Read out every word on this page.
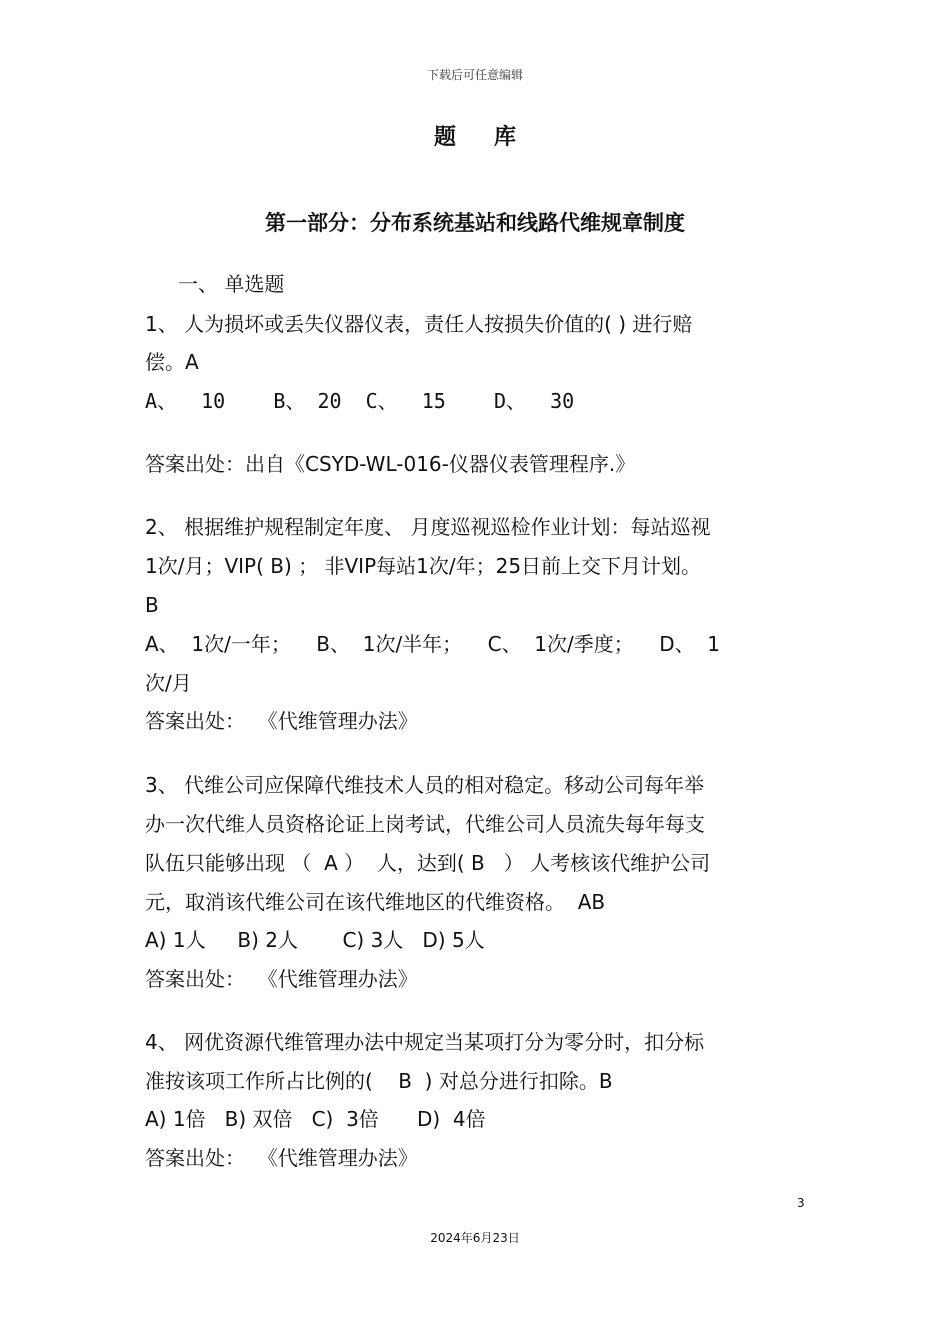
下载后可任意编辑
题库
第一部分：分布系统基站和线路代维规章制度
一、 单选题
1、 人为损坏或丢失仪器仪表，责任人按损失价值的( ) 进行赔
偿。A
A、  10    B、 20  C、  15    D、  30
答案出处：出自《CSYD-WL-016-仪器仪表管理程序.》
2、 根据维护规程制定年度、 月度巡视巡检作业计划：每站巡视
1次/月；VIP( B) ； 非VIP每站1次/年；25日前上交下月计划。
B
A、  1次/一年；    B、  1次/半年；    C、  1次/季度；    D、  1
次/月
答案出处：  《代维管理办法》
3、 代维公司应保障代维技术人员的相对稳定。移动公司每年举
办一次代维人员资格论证上岗考试，代维公司人员流失每年每支
队伍只能够出现 （  A ）  人，达到( B   ） 人考核该代维护公司
元，取消该代维公司在该代维地区的代维资格。  AB
A) 1人     B) 2人       C) 3人   D) 5人
答案出处：  《代维管理办法》
4、 网优资源代维管理办法中规定当某项打分为零分时，扣分标
准按该项工作所占比例的(    B  ) 对总分进行扣除。B
A) 1倍   B) 双倍   C)  3倍      D)  4倍
答案出处：  《代维管理办法》
3
2024年6月23日
